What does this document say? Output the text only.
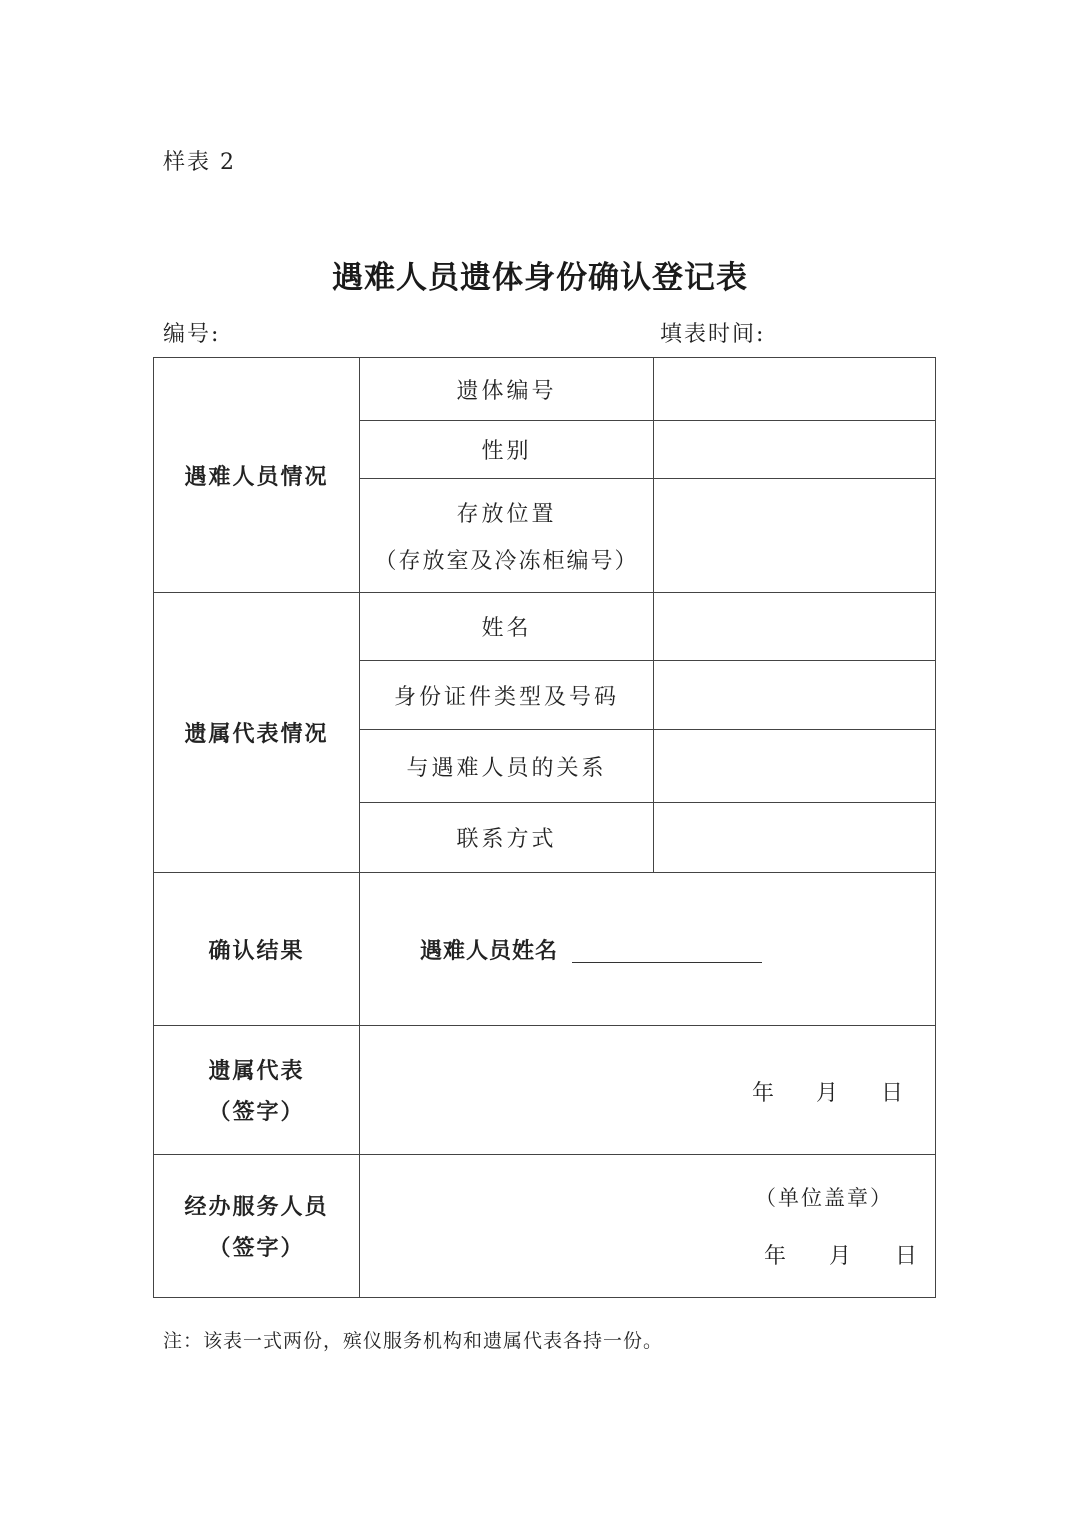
样表 2
遇难人员遗体身份确认登记表
编号:	填表时间:
遇难人员情况
遗体编号
性别
存放位置
（存放室及冷冻柜编号）
遗属代表情况
姓名
身份证件类型及号码
与遇难人员的关系
联系方式
确认结果	遇难人员姓名
遗属代表
（签字）
年 月 日
经办服务人员
（签字）
（单位盖章）
年 月 日
注：该表一式两份，殡仪服务机构和遗属代表各持一份。
